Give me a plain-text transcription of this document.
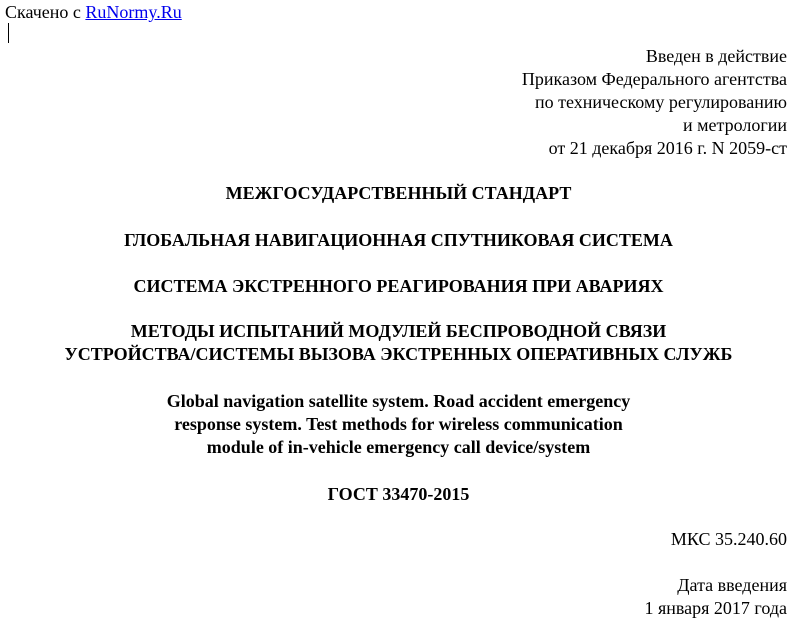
Скачено с RuNormy.Ru
Введен в действие
Приказом Федерального агентства
по техническому регулированию
и метрологии
от 21 декабря 2016 г. N 2059-ст
МЕЖГОСУДАРСТВЕННЫЙ СТАНДАРТ
ГЛОБАЛЬНАЯ НАВИГАЦИОННАЯ СПУТНИКОВАЯ СИСТЕМА
СИСТЕМА ЭКСТРЕННОГО РЕАГИРОВАНИЯ ПРИ АВАРИЯХ
МЕТОДЫ ИСПЫТАНИЙ МОДУЛЕЙ БЕСПРОВОДНОЙ СВЯЗИ
УСТРОЙСТВА/СИСТЕМЫ ВЫЗОВА ЭКСТРЕННЫХ ОПЕРАТИВНЫХ СЛУЖБ
Global navigation satellite system. Road accident emergency
response system. Test methods for wireless communication
module of in-vehicle emergency call device/system
ГОСТ 33470-2015
МКС 35.240.60
Дата введения
1 января 2017 года
